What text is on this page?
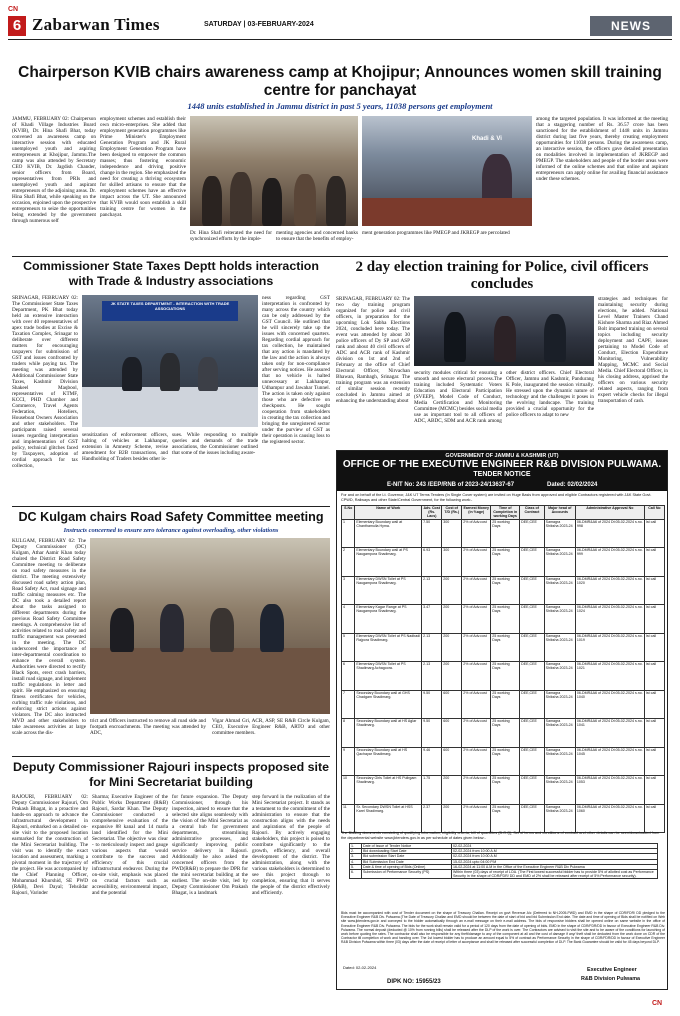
CN
6 Zabarwan Times	SATURDAY | 03-FEBRUARY-2024	NEWS
Chairperson KVIB chairs awareness camp at Khojipur; Announces women skill training centre for panchayat
1448 units established in Jammu district in past 5 years, 11038 persons get employment
JAMMU, FEBRUARY 02: Chairperson of Khadi Village Industries Board (KVIB), Dr. Hina Shafi Bhat, today convened an awareness camp on interactive session with educated unemployed youth and aspiring entrepreneurs at Khojipur, Jammu.The camp was also attended by Secretary CEO KVIB, Dr. Jagdish Chander, senior officers from Board, representatives from PRIs and unemployed youth and aspirant entrepreneurs of the adjoining areas. Dr. Hina Shafi Bhat, while speaking on the occasion, enjoined upon the prospective entrepreneurs to seize the opportunities being extended by the government through numerous self
employment schemes and establish their own micro-enterprises. She added that employment generation programmes like Prime Minister's Employment Generation Program and JK Rural Employment Generation Program have been designed to empower the common masses; thus fostering economic independence and driving positive change in the region. She emphasized the need for creating a thriving ecosystem for skilled artisans to ensure that the employment schemes have an effective impact across the UT. She announced that KVIB would soon establish a skill training centre for women in the panchayat.
Dr. Hina Shafi reiterated the need for synchronized efforts by the imple-
menting agencies and concerned banks to ensure that the benefits of employ-
Khadi & Vi
ment generation programmes like PMEGP and JKREGP are percolated
among the targeted population. It was informed at the meeting that a staggering number of Rs. 36.57 crore has been sanctioned for the establishment of 1448 units in Jammu district during last five years, thereby creating employment opportunities for 11038 persons. During the awareness camp, an interactive session, the officers gave detailed presentation on modalities involved in implementation of JKREGP and PMEGP. The stakeholders and people of the border areas were informed of the online schemes and that online and aspirant entrepreneurs can apply online for availing financial assistance under these schemes.
Commissioner State Taxes Deptt holds interaction with Trade & Industry associations
SRINAGAR, FEBRUARY 02: The Commissioner State Taxes Department, PK Bhat today held an extensive interaction with over 40 representatives of apex trade bodies at Excise & Taxation Complex, Srinagar to deliberate over different matters for encouraging taxpayers for submission of GST and issues confronted by traders while paying tax. The meeting was attended by Additional Commissioner State Taxes, Kashmir Division Shakeel Maqbool, representatives of KTMF, KCCI, PHD Chamber and Commerce, Travel Agents Federation, Hoteliers, Houseboat Owners Association and other stakeholders. The participants raised several issues regarding interpretation and implementation of GST policy, technical glitches faced by Taxpayers, adoption of cordial approach for tax collection,
JK STATE TAXES DEPARTMENT - INTERACTION WITH TRADE ASSOCIATIONS
sensitization of enforcement officers, halting of vehicles at Lakhanpur, extension in Amnesty Scheme, revise amendment for B2B transactions, and Handholding of Traders besides other is-
sues. While responding to multiple queries and demands of the trade associations, the Commissioner outlined that some of the issues including aware-
ness regarding GST interpretation is confronted by many across the country which can be only addressed by the GST Council. He outlined that he will sincerely take up the issues with concerned quarters. Regarding cordial approach for tax collection, he maintained that any action is mandated by the law and the action is always taken only for non-compliance after serving notices. He assured that no vehicle is halted unnecessary at Lakhanpur, Udhampur and Jawahar Tunnel. The action is taken only against those who are defective on checkposts. He sought cooperation from stakeholders in creating the tax collection and bringing the unregistered sector under the purview of GST as their operation is causing loss to the registered sector.
2 day election training for Police, civil officers concludes
SRINAGAR, FEBRUARY 02: The two day training program organized for police and civil officers, in preparation for the upcoming Lok Sabha Elections 2024, concluded here today. The event was attended by about 30 police officers of Dy SP and ASP rank and about 40 civil officers of ADC and ACR rank of Kashmir division on 1st and 2nd of February at the office of Chief Electoral Officer, Nirvachan Bhawan, Rambagh, Srinagar. The training program was an extension of similar session recently concluded in Jammu aimed at enhancing the understanding about
security modules critical for ensuring a smooth and secure electoral process.The training included Systematic Voters Education and Electoral Participation (SVEEP), Model Code of Conduct, Media Certification and Monitoring Committee (MCMC) besides social media use as important tool to all officers of ADC, ABDC, SDM and ACR rank among
other district officers. Chief Electoral Officer, Jammu and Kashmir, Pandurang K Pole, inaugurated the session virtually. He stressed upon the dynamic nature of technology and the challenges it poses in the evolving landscape. The training provided a crucial opportunity for the police officers to adapt to new
strategies and techniques for maintaining security during elections, he added. National Level Master Trainers Chand Kishore Sharma and Riaz Ahmed Bolt imparted training on several topics including security deployment and CAPF, issues pertaining to Model Code of Conduct, Election Expenditure Monitoring, Vulnerability Mapping, MCMC and Social Media. Chief Electoral Officer, in his closing address, apprised the officers on various security related aspects, ranging from expert vehicle checks for illegal transportation of cash.
DC Kulgam chairs Road Safety Committee meeting
Instructs concerned to ensure zero tolerance against overloading, other violations
KULGAM, FEBRUARY 02: The Deputy Commissioner (DC) Kulgam, Athar Aamir Khan today chaired the District Road Safety Committee meeting to deliberate on road safety measures in the district. The meeting extensively discussed road safety action plan, Road Safety Act, road signage and traffic calming measures etc. The DC also took a detailed report about the tasks assigned to different departments during the previous Road Safety Committee meetings. A comprehensive list of activities related to road safety and traffic management was presented in the meeting. The DC underscored the importance of inter-departmental coordination to enhance the overall system. Authorities were directed to rectify Black Spots, erect crash barriers, install road signage, and implement traffic regulations in letter and spirit. He emphasized on ensuring fitness certificates for vehicles, curbing traffic rule violations, and enforcing strict actions against violators. The DC also instructed MVD and other stakeholders to take awareness activities at large scale across the dis-
trict and Officers instructed to remove all road side and footpath encroachments. The meeting was attended by ADC,
Vigar Ahmad Gri, ACR, ASP, SE R&B Circle Kulgam, CEO, Executive Engineer R&B, ARTO and other committee members.
Deputy Commissioner Rajouri inspects proposed site for Mini Secretariat building
RAJOURI, FEBRUARY 02: Deputy Commissioner Rajouri, Om Prakash Bhagat, in a proactive and hands-on approach to advance the infrastructural development in Rajouri, embarked on a detailed on-site visit to the proposed location earmarked for the construction of the Mini Secretariat building. The visit was to identify the exact location and assessment, marking a pivotal moment in the trajectory of the project. He was accompanied by the Chief Planning Officer, Mohammad Khurshid, SE PWD (R&B), Devi Dayal; Tehsildar Rajouri, Varinder
Sharma; Executive Engineer of the Public Works Department (R&B) Rajouri, Sardar Khan. The Deputy Commissioner conducted a comprehensive evaluation of the expansive 88 kanal and 14 marla land identified for the Mini Secretariat. The objective was clear - to meticulously inspect and gauge various aspects that would contribute to the success and efficiency of this crucial infrastructural endeavor. During the on-site visit, emphasis was placed on crucial factors such as accessibility, environmental impact, and the potential
for future expansion. The Deputy Commissioner, through his inspection, aimed to ensure that the selected site aligns seamlessly with the vision of the Mini Secretariat as a central hub for government departments, streamlining administrative processes, and significantly improving public service delivery in Rajouri. Additionally he also asked the concerned officers from the PWD(R&B) to prepare the DPR for the mini secretariat building at the earliest. The on-site visit, led by Deputy Commissioner Om Prakash Bhagat, is a landmark
step forward in the realization of the Mini Secretariat project. It stands as a testament to the commitment of the administration to ensure that the construction aligns with the needs and aspirations of the people of Rajouri. By actively engaging stakeholders, this project is poised to contribute significantly to the growth, efficiency, and overall development of the district. The administration, along with the various stakeholders is determined to see this project through to completion, ensuring that it serves the people of the district effectively and efficiently.
GOVERNMENT OF JAMMU & KASHMIR (UT)
OFFICE OF THE EXECUTIVE ENGINEER R&B DIVISION PULWAMA.
TENDER NOTICE
E-NIT No: 243 /EEP/RNB of 2023-24/13637-67	Dated: 02/02/2024
For and on behalf of the Lt. Governor, J&K UT Terms Tenders (In Single Cover system) are invited on Huge Basis from approved and eligible Contractors registered with J&K State Govt. CPWD, Railways and other State/Central Government, for the following work:-
S.No	Name of Work	Adv. Cost (Rs. Lacs)	Cost of T/D (Rs.)	Earnest Money (in %age)	Time of Completion in working Days	Class of Contract	Major head of Accounts	Administrative Approval No	Call No
1	Elementary Boundary wall at Chanthamulla Hyma.	7.50	300	2% of Adv.cost	25 working Days	DEE,CEE	Samagra Shiksha 2023-24	06-DMR&A6 of 2024 Dt:05-02-2024 s.no. 998	Ist call
2	Elementary Boundary wall at PS Naugampora Shadimarg.	6.93	300	2% of Adv.cost	25 working Days	DEE,CEE	Samagra Shiksha 2023-24	06-DMR&A6 of 2024 Dt:05-02-2024 s.no. 999	Ist call
3	Elementary DWSN Toilet at PS Naugampora Shadimarg.	2.13	200	2% of Adv.cost	25 working Days	DEE,CEE	Samagra Shiksha 2023-24	06-DMR&A6 of 2024 Dt:05-02-2024 s.no. 1020	Ist call
4	Elementary Kagar Range at PS Naugampora Shadimarg.	3.47	200	2% of Adv.cost	25 working Days	DEE,CEE	Samagra Shiksha 2023-24	06-DMR&A6 of 2024 Dt:05-02-2024 s.no. 1024	Ist call
5	Elementary DWSN Toilet at PS Nadbadi Rajpora Shadimarg.	2.13	200	2% of Adv.cost	25 working Days	DEE,CEE	Samagra Shiksha 2023-24	06-DMR&A6 of 2024 Dt:05-02-2024 s.no. 1019	Ist call
6	Elementary DWSN Toilet at PS Shadimarg Achagoora.	2.13	200	2% of Adv.cost	25 working Days	DEE,CEE	Samagra Shiksha 2023-24	06-DMR&A6 of 2024 Dt:05-02-2024 s.no. 1021	Ist call
7	Secondary Boundary wall at GHS Chadgam Shadimarg.	9.50	600	2% of Adv.cost	25 working Days	DEE,CEE	Samagra Shiksha 2023-24	06-DMR&A6 of 2024 Dt:05-02-2024 s.no. 1040	Ist call
8	Secondary Boundary wall at HS Aglar Shadimarg.	9.50	600	2% of Adv.cost	25 working Days	DEE,CEE	Samagra Shiksha 2023-24	06-DMR&A6 of 2024 Dt:05-02-2024 s.no. 1041	Ist call
9	Secondary Boundary wall at HS Qachayar Shadimarg.	9.46	600	2% of Adv.cost	25 working Days	DEE,CEE	Samagra Shiksha 2023-24	06-DMR&A6 of 2024 Dt:05-02-2024 s.no. 1045	Ist call
10	Secondary Girls Toilet at HS Pulirgam Shadimarg.	1.75	200	2% of Adv.cost	25 working Days	DEE,CEE	Samagra Shiksha 2023-24	06-DMR&A6 of 2024 Dt:05-02-2024 s.no. 1053	Ist call
11	Sr. Secondary DWSN Toilet at HSS Karel Shadimarg.	2.37	200	2% of Adv.cost	25 working Days	DEE,CEE	Samagra Shiksha 2023-24	06-DMR&A6 of 2024 Dt:05-02-2024 s.no. 1060	Ist call
The Bidding documents consisting of qualifying information, eligibility criteria, bill of quantities (B.O.Q), Set of terms and conditions of contract and other details can be seen/downloaded from the departmental website www.jktenders.gov.in as per schedule of dates given below:-
1.	Date of Issue of Tender Notice	02-02-2024
2.	Bid downloading Start Date	02-02-2024 from 10:00 A.M
3.	Bid submission Start Date	02-02-2024 from 10:00 A.M
4.	Bid Submission End Date	15-02-2024 upto 04:00 P.M
5.	Date & time of opening of Bids (Online)	16-02-2024 at 11:00 A.M in the Office of the Executive Engineer R&B Div Pulwama
6.	Submission of Performance Security (PS)	Within three (03) days of receipt of LOA. (The First lowest successful bidder has to provide 5% of allotted cost as Performance Security in the shape of CDR/FDR/ DD and EMD of 2% shall be released after receipt of 5% Performance security).
Bids must be accompanied with cost of Tender document on the shape of Treasury Challan. Receipt on govt Revenue A/c (Deferred to NH-2005-PWD) and EMD in the shape of CDR/FDR/ DD pledged to the Executive Engineer R&B Div. Pulwama (The Date of Treasury Challan and EMD should be between the date of start of bid and bid Submission End date. The date and time of opening of Bids shall be notified on Web site www.jktenders.gov.in and conveyed to the bidder automatically through an e-mail message on their e-mail address. The bids of responsive bidders shall be opened online on same website in the office of Executive Engineer R&B Div. Pulwama. The bids for the work shall remain valid for a period of 120 days from the date of opening of bids. EMD in the shape of CDR/FDR/DD in favour of Executive Engineer R&B Div. Pulwama. The normal deposit (deducted @ 10% from running bills) shall be released after the DLP of the work is over. The Contractors are advised to visit the site and to be aware of the conditions for launching of work before quoting the rates. The contractor shall also be responsible for any theft/damage to any of the component at all and the cost of damage if any/ theft shall be deducted from the work done on CDR of the Contractor till completion of work and handing over. The 1st lowest bidder has to produce an amount equal to 5% of contract as Performance Security in the shape of CDR/FDR/DD in favour of Executive Engineer R&B Division Pulwama within three (03) days after the date of receipt of letter of acceptance and shall be released after successful completion of DLP. The Bank Guarantee should be valid for 45 days beyond DLP.
Dated: 02-02-2024
DIPK NO: 15955/23
Executive Engineer
R&B Division Pulwama
CN
